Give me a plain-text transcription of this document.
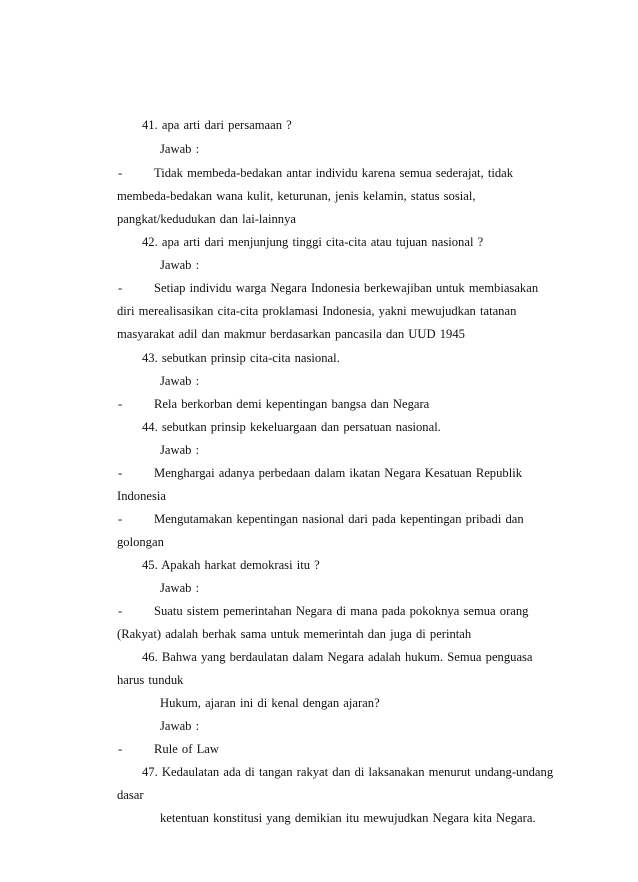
41. apa arti dari persamaan ?
Jawab :
-	Tidak membeda-bedakan antar individu karena semua sederajat, tidak
membeda-bedakan wana kulit, keturunan, jenis kelamin, status sosial,
pangkat/kedudukan dan lai-lainnya
42. apa arti dari menjunjung tinggi cita-cita atau tujuan nasional ?
Jawab :
-	Setiap individu warga Negara Indonesia berkewajiban untuk membiasakan
diri merealisasikan cita-cita proklamasi Indonesia, yakni mewujudkan tatanan
masyarakat adil dan makmur berdasarkan pancasila dan UUD 1945
43. sebutkan prinsip cita-cita nasional.
Jawab :
-	Rela berkorban demi kepentingan bangsa dan Negara
44. sebutkan prinsip kekeluargaan dan persatuan nasional.
Jawab :
-	Menghargai adanya perbedaan dalam ikatan Negara Kesatuan Republik
Indonesia
-	Mengutamakan kepentingan nasional dari pada kepentingan pribadi dan
golongan
45. Apakah harkat demokrasi itu ?
Jawab :
-	Suatu sistem pemerintahan Negara di mana pada pokoknya semua orang
(Rakyat) adalah berhak sama untuk memerintah dan juga di perintah
46. Bahwa yang berdaulatan dalam Negara adalah hukum. Semua penguasa
harus tunduk
Hukum, ajaran ini di kenal dengan ajaran?
Jawab :
-	Rule of Law
47. Kedaulatan ada di tangan rakyat dan di laksanakan menurut undang-undang
dasar
ketentuan konstitusi yang demikian itu mewujudkan Negara kita Negara.
